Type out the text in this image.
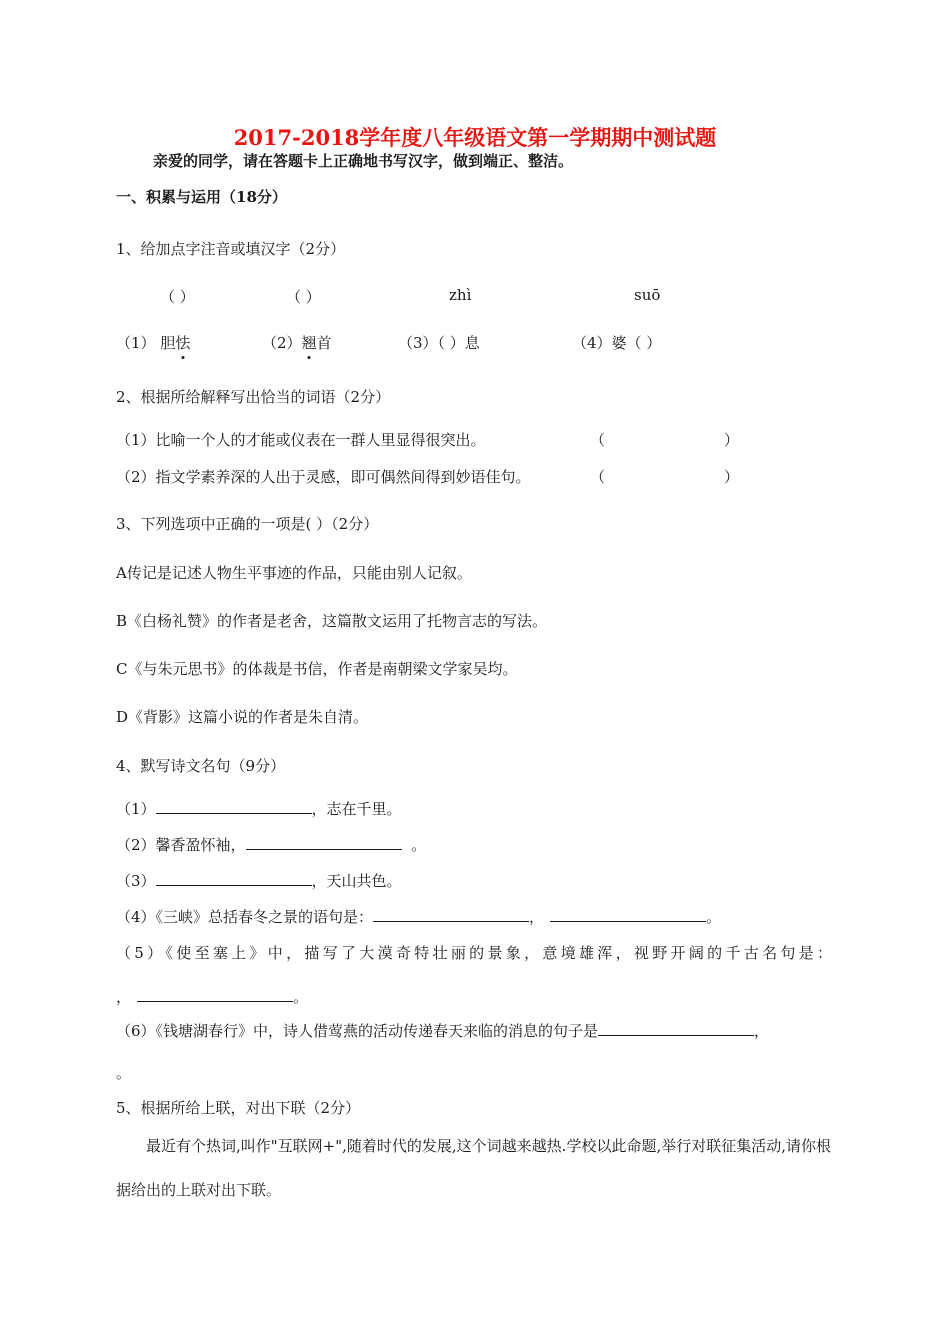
2017-2018学年度八年级语文第一学期期中测试题
亲爱的同学，请在答题卡上正确地书写汉字，做到端正、整洁。
一、积累与运用（18分）
1、给加点字注音或填汉字（2分）
（ ）	（ ）	zhì	suō
（1） 胆怯	（2）翘首	（3）（ ）息	（4）婆（ ）
2、根据所给解释写出恰当的词语（2分）
（1）比喻一个人的才能或仪表在一群人里显得很突出。	（	）
（2）指文学素养深的人出于灵感，即可偶然间得到妙语佳句。	（	）
3、下列选项中正确的一项是( ）（2分）
A传记是记述人物生平事迹的作品，只能由别人记叙。
B《白杨礼赞》的作者是老舍，这篇散文运用了托物言志的写法。
C《与朱元思书》的体裁是书信，作者是南朝梁文学家吴均。
D《背影》这篇小说的作者是朱自清。
4、默写诗文名句（9分）
（1）	，志在千里。
（2）馨香盈怀袖，	。
（3）	，天山共色。
（4）《三峡》总括春冬之景的语句是：	，	。
（5）《使至塞上》中，描写了大漠奇特壮丽的景象，意境雄浑，视野开阔的千古名句是：
，	。
（6）《钱塘湖春行》中，诗人借莺燕的活动传递春天来临的消息的句子是	，
。
5、根据所给上联，对出下联（2分）
最近有个热词,叫作"互联网+",随着时代的发展,这个词越来越热.学校以此命题,举行对联征集活动,请你根据给出的上联对出下联。
